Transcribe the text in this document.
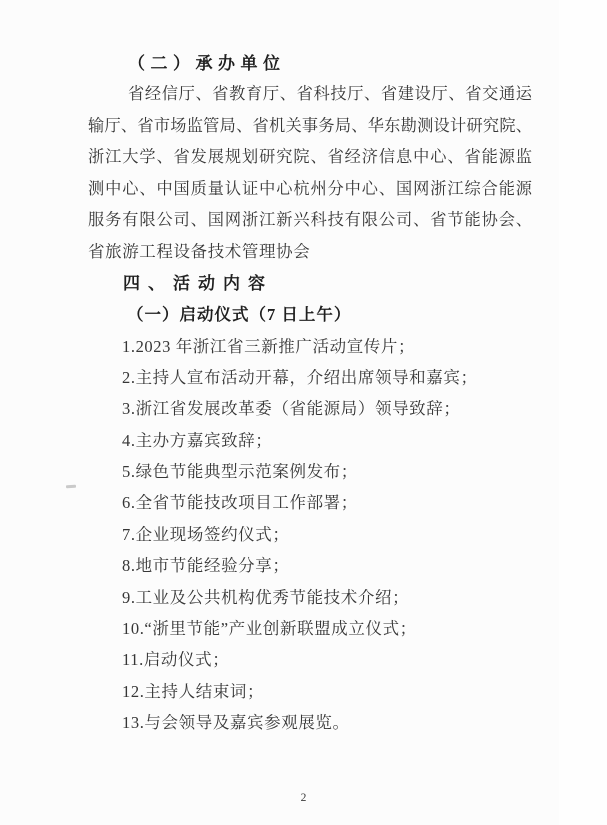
（二）承办单位
省经信厅、省教育厅、省科技厅、省建设厅、省交通运
输厅、省市场监管局、省机关事务局、华东勘测设计研究院、
浙江大学、省发展规划研究院、省经济信息中心、省能源监
测中心、中国质量认证中心杭州分中心、国网浙江综合能源
服务有限公司、国网浙江新兴科技有限公司、省节能协会、
省旅游工程设备技术管理协会
四、活动内容
（一）启动仪式（7 日上午）
1.2023 年浙江省三新推广活动宣传片；
2.主持人宣布活动开幕，介绍出席领导和嘉宾；
3.浙江省发展改革委（省能源局）领导致辞；
4.主办方嘉宾致辞；
5.绿色节能典型示范案例发布；
6.全省节能技改项目工作部署；
7.企业现场签约仪式；
8.地市节能经验分享；
9.工业及公共机构优秀节能技术介绍；
10.“浙里节能”产业创新联盟成立仪式；
11.启动仪式；
12.主持人结束词；
13.与会领导及嘉宾参观展览。
2
